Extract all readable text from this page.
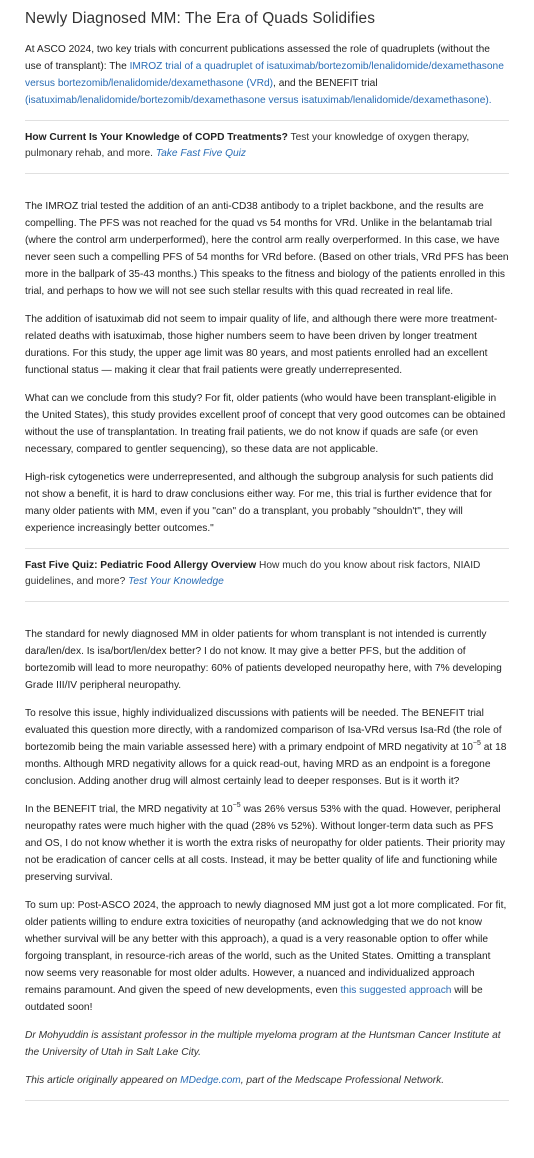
Newly Diagnosed MM: The Era of Quads Solidifies

At ASCO 2024, two key trials with concurrent publications assessed the role of quadruplets (without the use of transplant): The IMROZ trial of a quadruplet of isatuximab/bortezomib/lenalidomide/dexamethasone versus bortezomib/lenalidomide/dexamethasone (VRd), and the BENEFIT trial (isatuximab/lenalidomide/bortezomib/dexamethasone versus isatuximab/lenalidomide/dexamethasone).

How Current Is Your Knowledge of COPD Treatments? Test your knowledge of oxygen therapy, pulmonary rehab, and more. Take Fast Five Quiz

The IMROZ trial tested the addition of an anti-CD38 antibody to a triplet backbone, and the results are compelling. The PFS was not reached for the quad vs 54 months for VRd. Unlike in the belantamab trial (where the control arm underperformed), here the control arm really overperformed. In this case, we have never seen such a compelling PFS of 54 months for VRd before. (Based on other trials, VRd PFS has been more in the ballpark of 35-43 months.) This speaks to the fitness and biology of the patients enrolled in this trial, and perhaps to how we will not see such stellar results with this quad recreated in real life.

The addition of isatuximab did not seem to impair quality of life, and although there were more treatment-related deaths with isatuximab, those higher numbers seem to have been driven by longer treatment durations. For this study, the upper age limit was 80 years, and most patients enrolled had an excellent functional status — making it clear that frail patients were greatly underrepresented.

What can we conclude from this study? For fit, older patients (who would have been transplant-eligible in the United States), this study provides excellent proof of concept that very good outcomes can be obtained without the use of transplantation. In treating frail patients, we do not know if quads are safe (or even necessary, compared to gentler sequencing), so these data are not applicable.

High-risk cytogenetics were underrepresented, and although the subgroup analysis for such patients did not show a benefit, it is hard to draw conclusions either way. For me, this trial is further evidence that for many older patients with MM, even if you "can" do a transplant, you probably "shouldn't", they will experience increasingly better outcomes."

Fast Five Quiz: Pediatric Food Allergy Overview How much do you know about risk factors, NIAID guidelines, and more? Test Your Knowledge

The standard for newly diagnosed MM in older patients for whom transplant is not intended is currently dara/len/dex. Is isa/bort/len/dex better? I do not know. It may give a better PFS, but the addition of bortezomib will lead to more neuropathy: 60% of patients developed neuropathy here, with 7% developing Grade III/IV peripheral neuropathy.

To resolve this issue, highly individualized discussions with patients will be needed. The BENEFIT trial evaluated this question more directly, with a randomized comparison of Isa-VRd versus Isa-Rd (the role of bortezomib being the main variable assessed here) with a primary endpoint of MRD negativity at $10^{-5}$ at 18 months. Although MRD negativity allows for a quick read-out, having MRD as an endpoint is a foregone conclusion. Adding another drug will almost certainly lead to deeper responses. But is it worth it?

In the BENEFIT trial, the MRD negativity at $10^{-5}$ was 26% versus 53% with the quad. However, peripheral neuropathy rates were much higher with the quad (28% vs 52%). Without longer-term data such as PFS and OS, I do not know whether it is worth the extra risks of neuropathy for older patients. Their priority may not be eradication of cancer cells at all costs. Instead, it may be better quality of life and functioning while preserving survival.

To sum up: Post-ASCO 2024, the approach to newly diagnosed MM just got a lot more complicated. For fit, older patients willing to endure extra toxicities of neuropathy (and acknowledging that we do not know whether survival will be any better with this approach), a quad is a very reasonable option to offer while forgoing transplant, in resource-rich areas of the world, such as the United States. Omitting a transplant now seems very reasonable for most older adults. However, a nuanced and individualized approach remains paramount. And given the speed of new developments, even this suggested approach will be outdated soon!

Dr Mohyuddin is assistant professor in the multiple myeloma program at the Huntsman Cancer Institute at the University of Utah in Salt Lake City.

This article originally appeared on MDedge.com, part of the Medscape Professional Network.
